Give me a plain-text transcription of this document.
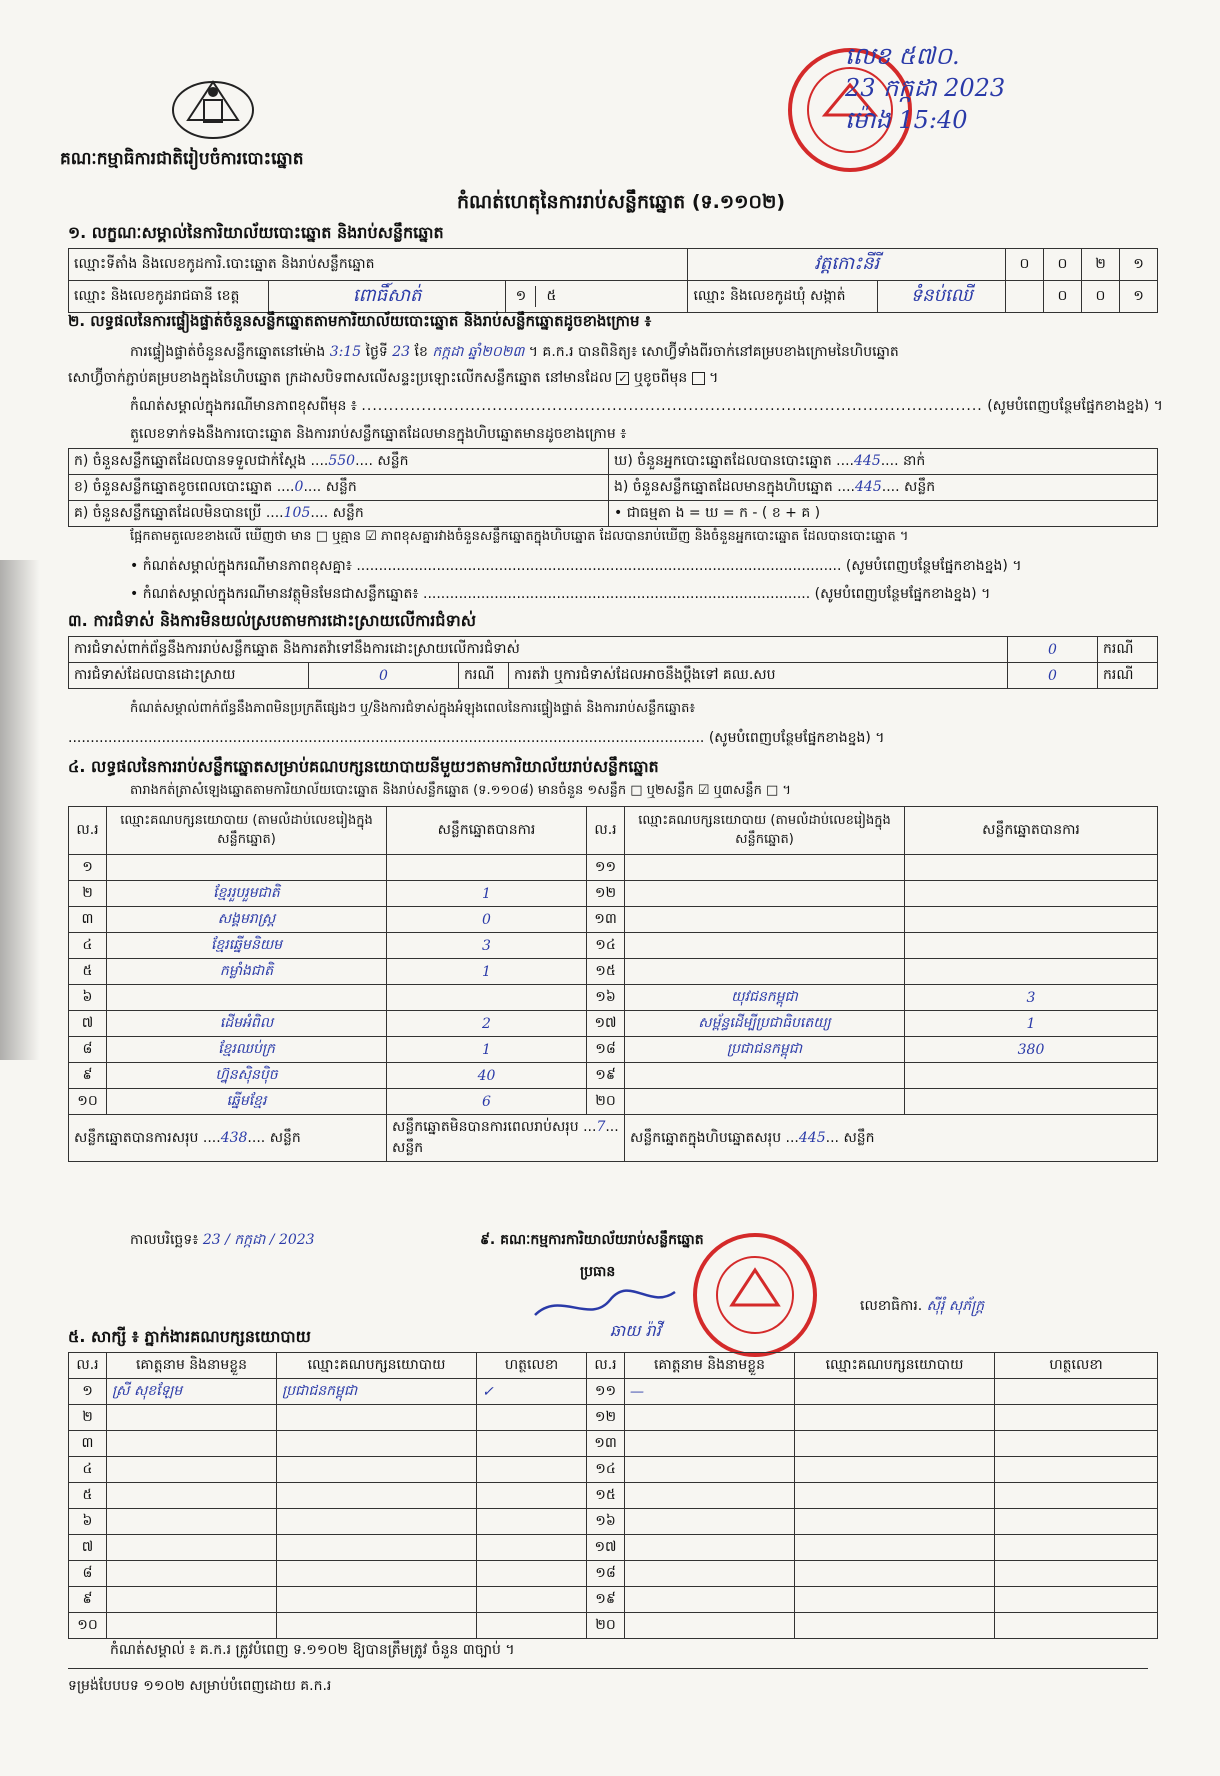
គណៈកម្មាធិការជាតិរៀបចំការបោះឆ្នោត
លេខ ៥៧០.
23 កក្កដា 2023
ម៉ោង 15:40
កំណត់ហេតុនៃការរាប់សន្លឹកឆ្នោត (ទ.១១០២)
១. លក្ខណៈសម្គាល់នៃការិយាល័យបោះឆ្នោត និងរាប់សន្លឹកឆ្នោត
ឈ្មោះទីតាំង និងលេខកូដការិ.បោះឆ្នោត និងរាប់សន្លឹកឆ្នោត			វត្តកោះនីរី		០	០	២	១
ឈ្មោះ និងលេខកូដរាជធានី ខេត្ត	ពោធិ៍សាត់	១ ៥	ឈ្មោះ និងលេខកូដឃុំ សង្កាត់	ទំនប់ឈើ		០	០	១
២. លទ្ធផលនៃការផ្ទៀងផ្ទាត់ចំនួនសន្លឹកឆ្នោតតាមការិយាល័យបោះឆ្នោត និងរាប់សន្លឹកឆ្នោតដូចខាងក្រោម ៖
ការផ្ទៀងផ្ទាត់ចំនួនសន្លឹកឆ្នោតនៅម៉ោង 3:15 ថ្ងៃទី 23 ខែ កក្កដា ឆ្នាំ២០២៣ ។ គ.ក.រ បានពិនិត្យ៖ សោហ្វ៊ីទាំងពីរចាក់នៅគម្របខាងក្រោមនៃហិបឆ្នោត
សោហ្វ៊ីចាក់ភ្ជាប់គម្របខាងក្នុងនៃហិបឆ្នោត ក្រដាសបិទពាសលើសន្ទះប្រឡោះលើកសន្លឹកឆ្នោត នៅមានដែល ✓ ឬខូចពីមុន  ។
កំណត់សម្គាល់ក្នុងករណីមានភាពខុសពីមុន ៖ .................................................................................................................. (សូមបំពេញបន្ថែមផ្នែកខាងខ្នង) ។
តួលេខទាក់ទងនឹងការបោះឆ្នោត និងការរាប់សន្លឹកឆ្នោតដែលមានក្នុងហិបឆ្នោតមានដូចខាងក្រោម ៖
ក) ចំនួនសន្លឹកឆ្នោតដែលបានទទួលជាក់ស្តែង ....550.... សន្លឹក	ឃ) ចំនួនអ្នកបោះឆ្នោតដែលបានបោះឆ្នោត ....445.... នាក់
ខ) ចំនួនសន្លឹកឆ្នោតខូចពេលបោះឆ្នោត ....0.... សន្លឹក	ង) ចំនួនសន្លឹកឆ្នោតដែលមានក្នុងហិបឆ្នោត ....445.... សន្លឹក
គ) ចំនួនសន្លឹកឆ្នោតដែលមិនបានប្រើ ....105.... សន្លឹក	• ជាធម្មតា ង = ឃ = ក - ( ខ + គ )
ផ្អែកតាមតួលេខខាងលើ ឃើញថា មាន □ ឬគ្មាន ☑ ភាពខុសគ្នារវាងចំនួនសន្លឹកឆ្នោតក្នុងហិបឆ្នោត ដែលបានរាប់ឃើញ និងចំនួនអ្នកបោះឆ្នោត ដែលបានបោះឆ្នោត ។
• កំណត់សម្គាល់ក្នុងករណីមានភាពខុសគ្នា៖ ............................................................................................................. (សូមបំពេញបន្ថែមផ្នែកខាងខ្នង) ។
• កំណត់សម្គាល់ក្នុងករណីមានវត្ថុមិនមែនជាសន្លឹកឆ្នោត៖ ....................................................................................... (សូមបំពេញបន្ថែមផ្នែកខាងខ្នង) ។
៣. ការជំទាស់ និងការមិនយល់ស្របតាមការដោះស្រាយលើការជំទាស់
ការជំទាស់ពាក់ព័ន្ធនឹងការរាប់សន្លឹកឆ្នោត និងការតវ៉ាទៅនឹងការដោះស្រាយលើការជំទាស់				0	ករណី
ការជំទាស់ដែលបានដោះស្រាយ	0	ករណី	ការតវ៉ា ឬការជំទាស់ដែលអាចនឹងប្តឹងទៅ គឈ.សប	0	ករណី
កំណត់សម្គាល់ពាក់ព័ន្ធនឹងភាពមិនប្រក្រតីផ្សេងៗ ឬ/និងការជំទាស់ក្នុងអំឡុងពេលនៃការផ្ទៀងផ្ទាត់ និងការរាប់សន្លឹកឆ្នោត៖
............................................................................................................................................... (សូមបំពេញបន្ថែមផ្នែកខាងខ្នង) ។
៤. លទ្ធផលនៃការរាប់សន្លឹកឆ្នោតសម្រាប់គណបក្សនយោបាយនីមួយៗតាមការិយាល័យរាប់សន្លឹកឆ្នោត
តារាងកត់ត្រាសំឡេងឆ្នោតតាមការិយាល័យបោះឆ្នោត និងរាប់សន្លឹកឆ្នោត (ទ.១១០៨) មានចំនួន ១សន្លឹក □ ឬ២សន្លឹក ☑ ឬ៣សន្លឹក □ ។
ល.រ	ឈ្មោះគណបក្សនយោបាយ (តាមលំដាប់លេខរៀងក្នុងសន្លឹកឆ្នោត)	សន្លឹកឆ្នោតបានការ	ល.រ	ឈ្មោះគណបក្សនយោបាយ (តាមលំដាប់លេខរៀងក្នុងសន្លឹកឆ្នោត)	សន្លឹកឆ្នោតបានការ
១			១១		
២	ខ្មែររួបរួមជាតិ	1	១២		
៣	សង្គមរាស្ត្រ	0	១៣		
៤	ខ្មែរឆ្នើមនិយម	3	១៤		
៥	កម្លាំងជាតិ	1	១៥		
៦			១៦	យុវជនកម្ពុជា	3
៧	ដើមអំពិល	2	១៧	សម្ព័ន្ធដើម្បីប្រជាធិបតេយ្យ	1
៨	ខ្មែរឈប់ក្រ	1	១៨	ប្រជាជនកម្ពុជា	380
៩	ហ្វ៊ុនស៊ិនប៉ិច	40	១៩		
១០	ឆ្នើមខ្មែរ	6	២០		
សន្លឹកឆ្នោតបានការសរុប ....438.... សន្លឹក		សន្លឹកឆ្នោតមិនបានការពេលរាប់សរុប ...7... សន្លឹក		សន្លឹកឆ្នោតក្នុងហិបឆ្នោតសរុប ...445... សន្លឹក	
កាលបរិច្ឆេទ៖ 23 / កក្កដា / 2023	៩. គណៈកម្មការការិយាល័យរាប់សន្លឹកឆ្នោត
ប្រធាន
ឆាយ រ៉ាវី
លេខាធិការ. ស៊ីរុំ សុភ័ក្ត្រ
៥. សាក្សី ៖ ភ្នាក់ងារគណបក្សនយោបាយ
ល.រ	គោត្តនាម និងនាមខ្លួន	ឈ្មោះគណបក្សនយោបាយ	ហត្ថលេខា	ល.រ	គោត្តនាម និងនាមខ្លួន	ឈ្មោះគណបក្សនយោបាយ	ហត្ថលេខា
១	ស្រី សុខឡែម	ប្រជាជនកម្ពុជា	✓	១១	—		
២				១២			
៣				១៣			
៤				១៤			
៥				១៥			
៦				១៦			
៧				១៧			
៨				១៨			
៩				១៩			
១០				២០			
កំណត់សម្គាល់ ៖ គ.ក.រ ត្រូវបំពេញ ទ.១១០២ ឱ្យបានត្រឹមត្រូវ ចំនួន ៣ច្បាប់ ។
ទម្រង់បែបបទ ១១០២ សម្រាប់បំពេញដោយ គ.ក.រ
